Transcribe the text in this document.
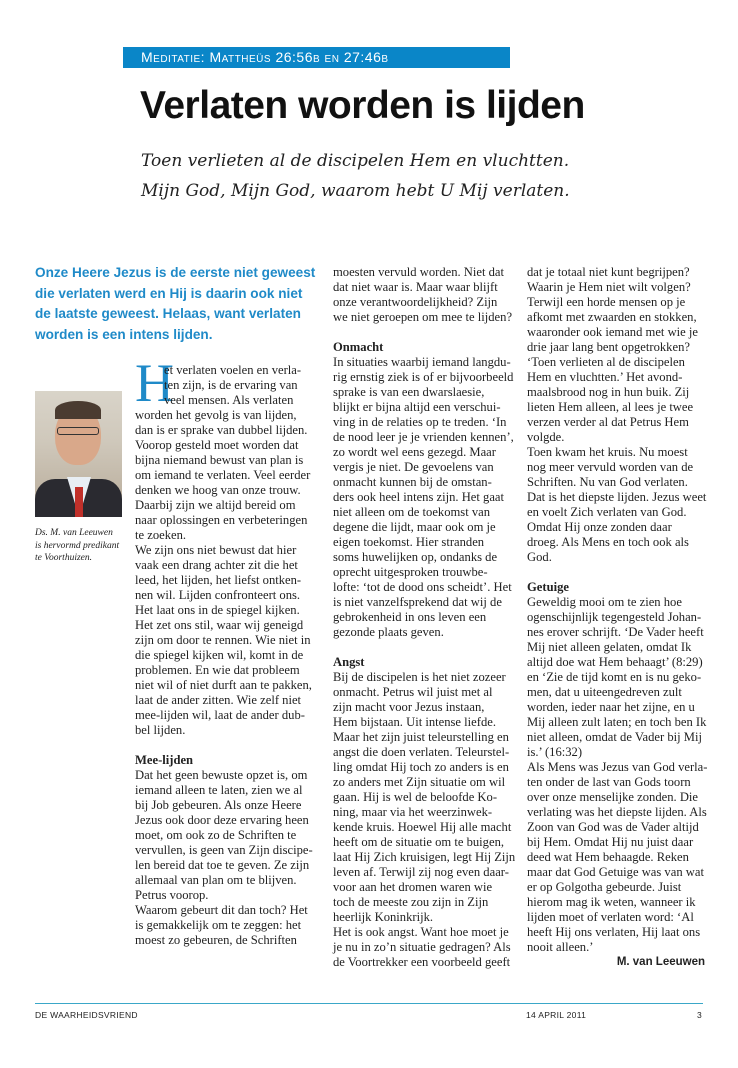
Meditatie: Mattheüs 26:56b en 27:46b
Verlaten worden is lijden
Toen verlieten al de discipelen Hem en vluchtten.
Mijn God, Mijn God, waarom hebt U Mij verlaten.
Onze Heere Jezus is de eerste niet geweest die verlaten werd en Hij is daarin ook niet de laatste geweest. Helaas, want verlaten worden is een intens lijden.
Ds. M. van Leeuwen
is hervormd predikant
te Voorthuizen.
H
et verlaten voelen en verla-
ten zijn, is de ervaring van
veel mensen. Als verlaten
worden het gevolg is van lijden,
dan is er sprake van dubbel lijden.
Voorop gesteld moet worden dat
bijna niemand bewust van plan is
om iemand te verlaten. Veel eerder
denken we hoog van onze trouw.
Daarbij zijn we altijd bereid om
naar oplossingen en verbeteringen
te zoeken.
We zijn ons niet bewust dat hier
vaak een drang achter zit die het
leed, het lijden, het liefst ontken-
nen wil. Lijden confronteert ons.
Het laat ons in de spiegel kijken.
Het zet ons stil, waar wij geneigd
zijn om door te rennen. Wie niet in
die spiegel kijken wil, komt in de
problemen. En wie dat probleem
niet wil of niet durft aan te pakken,
laat de ander zitten. Wie zelf niet
mee-lijden wil, laat de ander dub-
bel lijden.
Mee-lijden
Dat het geen bewuste opzet is, om
iemand alleen te laten, zien we al
bij Job gebeuren. Als onze Heere
Jezus ook door deze ervaring heen
moet, om ook zo de Schriften te
vervullen, is geen van Zijn discipe-
len bereid dat toe te geven. Ze zijn
allemaal van plan om te blijven.
Petrus voorop.
Waarom gebeurt dit dan toch? Het
is gemakkelijk om te zeggen: het
moest zo gebeuren, de Schriften
moesten vervuld worden. Niet dat
dat niet waar is. Maar waar blijft
onze verantwoordelijkheid? Zijn
we niet geroepen om mee te lijden?
Onmacht
In situaties waarbij iemand langdu-
rig ernstig ziek is of er bijvoorbeeld
sprake is van een dwarslaesie,
blijkt er bijna altijd een verschui-
ving in de relaties op te treden. ‘In
de nood leer je je vrienden kennen’,
zo wordt wel eens gezegd. Maar
vergis je niet. De gevoelens van
onmacht kunnen bij de omstan-
ders ook heel intens zijn. Het gaat
niet alleen om de toekomst van
degene die lijdt, maar ook om je
eigen toekomst. Hier stranden
soms huwelijken op, ondanks de
oprecht uitgesproken trouwbe-
lofte: ‘tot de dood ons scheidt’. Het
is niet vanzelfsprekend dat wij de
gebrokenheid in ons leven een
gezonde plaats geven.
Angst
Bij de discipelen is het niet zozeer
onmacht. Petrus wil juist met al
zijn macht voor Jezus instaan,
Hem bijstaan. Uit intense liefde.
Maar het zijn juist teleurstelling en
angst die doen verlaten. Teleurstel-
ling omdat Hij toch zo anders is en
zo anders met Zijn situatie om wil
gaan. Hij is wel de beloofde Ko-
ning, maar via het weerzinwek-
kende kruis. Hoewel Hij alle macht
heeft om de situatie om te buigen,
laat Hij Zich kruisigen, legt Hij Zijn
leven af. Terwijl zij nog even daar-
voor aan het dromen waren wie
toch de meeste zou zijn in Zijn
heerlijk Koninkrijk.
Het is ook angst. Want hoe moet je
je nu in zo’n situatie gedragen? Als
de Voortrekker een voorbeeld geeft
dat je totaal niet kunt begrijpen?
Waarin je Hem niet wilt volgen?
Terwijl een horde mensen op je
afkomt met zwaarden en stokken,
waaronder ook iemand met wie je
drie jaar lang bent opgetrokken?
‘Toen verlieten al de discipelen
Hem en vluchtten.’ Het avond-
maalsbrood nog in hun buik. Zij
lieten Hem alleen, al lees je twee
verzen verder al dat Petrus Hem
volgde.
Toen kwam het kruis. Nu moest
nog meer vervuld worden van de
Schriften. Nu van God verlaten.
Dat is het diepste lijden. Jezus weet
en voelt Zich verlaten van God.
Omdat Hij onze zonden daar
droeg. Als Mens en toch ook als
God.
Getuige
Geweldig mooi om te zien hoe
ogenschijnlijk tegengesteld Johan-
nes erover schrijft. ‘De Vader heeft
Mij niet alleen gelaten, omdat Ik
altijd doe wat Hem behaagt’ (8:29)
en ‘Zie de tijd komt en is nu geko-
men, dat u uiteengedreven zult
worden, ieder naar het zijne, en u
Mij alleen zult laten; en toch ben Ik
niet alleen, omdat de Vader bij Mij
is.’ (16:32)
Als Mens was Jezus van God verla-
ten onder de last van Gods toorn
over onze menselijke zonden. Die
verlating was het diepste lijden. Als
Zoon van God was de Vader altijd
bij Hem. Omdat Hij nu juist daar
deed wat Hem behaagde. Reken
maar dat God Getuige was van wat
er op Golgotha gebeurde. Juist
hierom mag ik weten, wanneer ik
lijden moet of verlaten word: ‘Al
heeft Hij ons verlaten, Hij laat ons
nooit alleen.’
M. van Leeuwen
DE WAARHEIDSVRIEND	14 APRIL 2011	3
